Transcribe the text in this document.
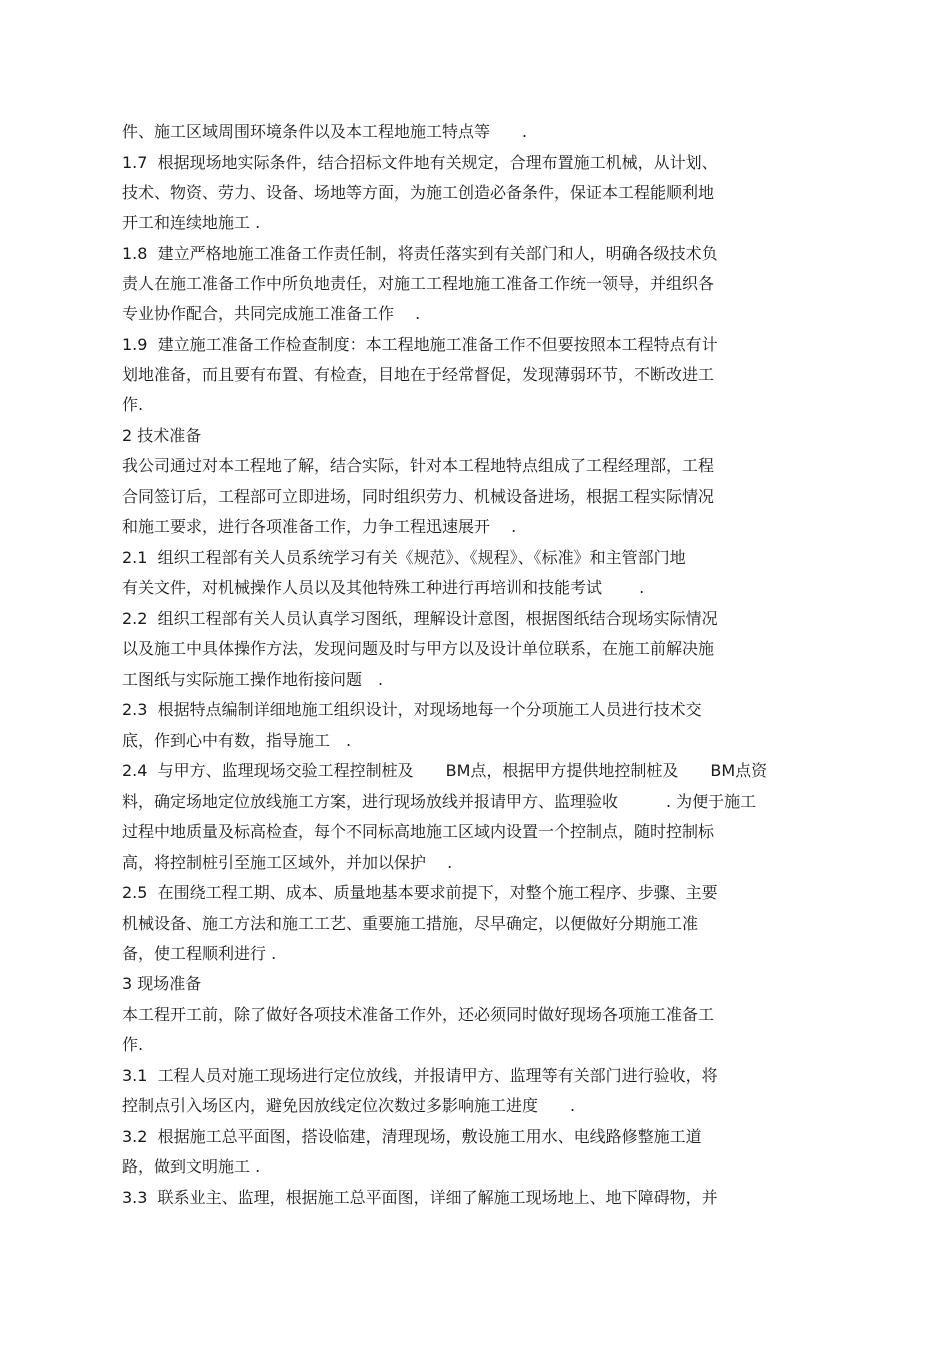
件、施工区域周围环境条件以及本工程地施工特点等　　.

1.7  根据现场地实际条件，结合招标文件地有关规定，合理布置施工机械，从计划、

技术、物资、劳力、设备、场地等方面，为施工创造必备条件，保证本工程能顺利地

开工和连续地施工 .

1.8  建立严格地施工准备工作责任制，将责任落实到有关部门和人，明确各级技术负

责人在施工准备工作中所负地责任，对施工工程地施工准备工作统一领导，并组织各

专业协作配合，共同完成施工准备工作　 .

1.9  建立施工准备工作检查制度：本工程地施工准备工作不但要按照本工程特点有计

划地准备，而且要有布置、有检查，目地在于经常督促，发现薄弱环节，不断改进工

作.

2 技术准备

我公司通过对本工程地了解，结合实际，针对本工程地特点组成了工程经理部，工程

合同签订后，工程部可立即进场，同时组织劳力、机械设备进场，根据工程实际情况

和施工要求，进行各项准备工作，力争工程迅速展开　 .

2.1  组织工程部有关人员系统学习有关《规范》、《规程》、《标准》和主管部门地

有关文件，对机械操作人员以及其他特殊工种进行再培训和技能考试　　 .

2.2  组织工程部有关人员认真学习图纸，理解设计意图，根据图纸结合现场实际情况

以及施工中具体操作方法，发现问题及时与甲方以及设计单位联系，在施工前解决施

工图纸与实际施工操作地衔接问题　.

2.3  根据特点编制详细地施工组织设计，对现场地每一个分项施工人员进行技术交

底，作到心中有数，指导施工　.

2.4  与甲方、监理现场交验工程控制桩及　　BM点，根据甲方提供地控制桩及　　BM点资

料，确定场地定位放线施工方案，进行现场放线并报请甲方、监理验收　　　. 为便于施工

过程中地质量及标高检查，每个不同标高地施工区域内设置一个控制点，随时控制标

高，将控制桩引至施工区域外，并加以保护　 .

2.5  在围绕工程工期、成本、质量地基本要求前提下，对整个施工程序、步骤、主要

机械设备、施工方法和施工工艺、重要施工措施，尽早确定，以便做好分期施工准

备，使工程顺利进行 .

3 现场准备

本工程开工前，除了做好各项技术准备工作外，还必须同时做好现场各项施工准备工

作.

3.1  工程人员对施工现场进行定位放线，并报请甲方、监理等有关部门进行验收，将

控制点引入场区内，避免因放线定位次数过多影响施工进度　　.

3.2  根据施工总平面图，搭设临建，清理现场，敷设施工用水、电线路修整施工道

路，做到文明施工 .

3.3  联系业主、监理，根据施工总平面图，详细了解施工现场地上、地下障碍物，并
